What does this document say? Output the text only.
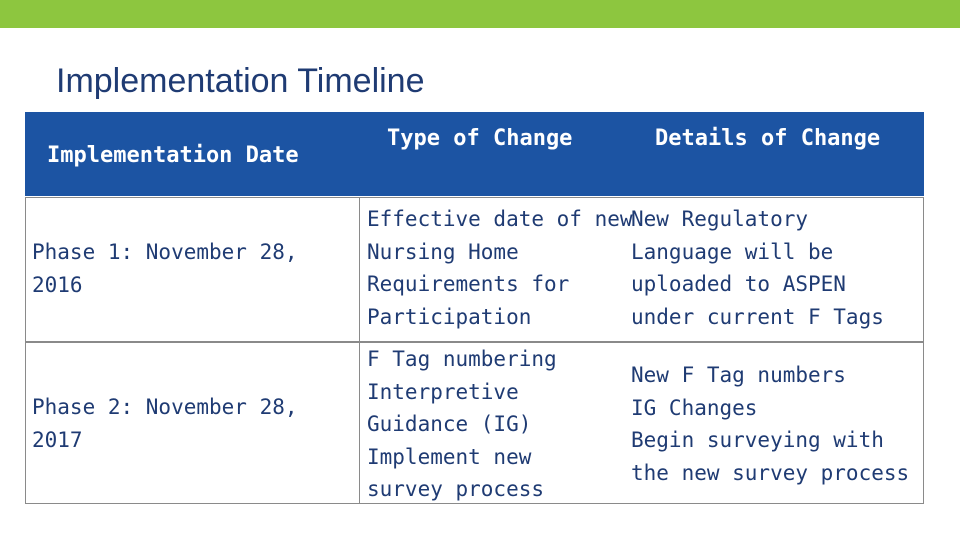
Implementation Timeline
Implementation Date
Type of Change	Details of Change
Phase 1: November 28,
2016
Effective date of new
Nursing Home
Requirements for
Participation
New Regulatory
Language will be
uploaded to ASPEN
under current F Tags
Phase 2: November 28,
2017
F Tag numbering
Interpretive
Guidance (IG)
Implement new
survey process
New F Tag numbers
IG Changes
Begin surveying with
the new survey process
